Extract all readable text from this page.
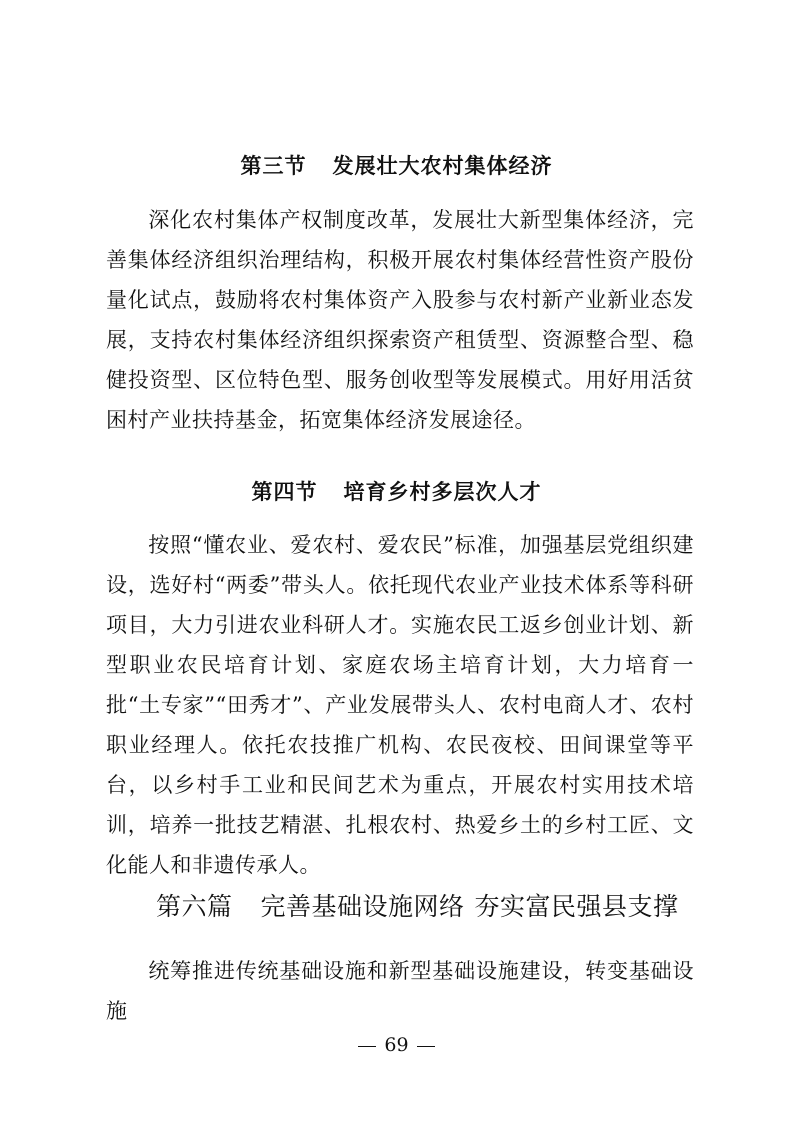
第三节 发展壮大农村集体经济

深化农村集体产权制度改革，发展壮大新型集体经济，完善集体经济组织治理结构，积极开展农村集体经营性资产股份量化试点，鼓励将农村集体资产入股参与农村新产业新业态发展，支持农村集体经济组织探索资产租赁型、资源整合型、稳健投资型、区位特色型、服务创收型等发展模式。用好用活贫困村产业扶持基金，拓宽集体经济发展途径。

第四节 培育乡村多层次人才

按照“懂农业、爱农村、爱农民”标准，加强基层党组织建设，选好村“两委”带头人。依托现代农业产业技术体系等科研项目，大力引进农业科研人才。实施农民工返乡创业计划、新型职业农民培育计划、家庭农场主培育计划，大力培育一批“土专家”“田秀才”、产业发展带头人、农村电商人才、农村职业经理人。依托农技推广机构、农民夜校、田间课堂等平台，以乡村手工业和民间艺术为重点，开展农村实用技术培训，培养一批技艺精湛、扎根农村、热爱乡土的乡村工匠、文化能人和非遗传承人。

第六篇 完善基础设施网络 夯实富民强县支撑

统筹推进传统基础设施和新型基础设施建设，转变基础设施

69
